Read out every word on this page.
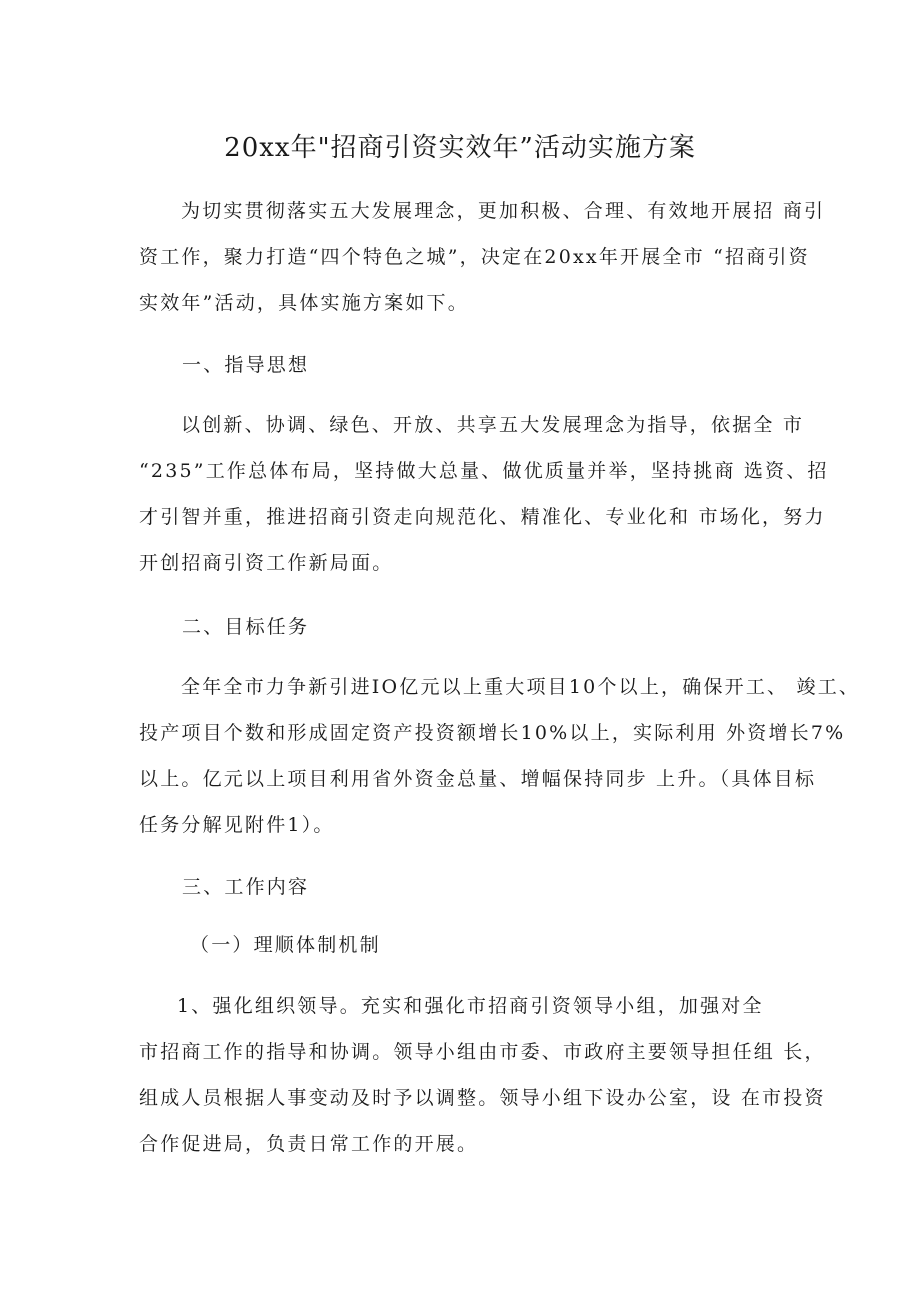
20xx年"招商引资实效年”活动实施方案

为切实贯彻落实五大发展理念，更加积极、合理、有效地开展招 商引
资工作，聚力打造“四个特色之城”，决定在20xx年开展全市 “招商引资
实效年”活动，具体实施方案如下。

一、指导思想

以创新、协调、绿色、开放、共享五大发展理念为指导，依据全 市
“235”工作总体布局，坚持做大总量、做优质量并举，坚持挑商 选资、招
才引智并重，推进招商引资走向规范化、精准化、专业化和 市场化，努力
开创招商引资工作新局面。

二、目标任务

全年全市力争新引进IO亿元以上重大项目10个以上，确保开工、 竣工、
投产项目个数和形成固定资产投资额增长10%以上，实际利用 外资增长7%
以上。亿元以上项目利用省外资金总量、增幅保持同步 上升。（具体目标
任务分解见附件1）。

三、工作内容
（一）理顺体制机制

1、强化组织领导。充实和强化市招商引资领导小组，加强对全
市招商工作的指导和协调。领导小组由市委、市政府主要领导担任组 长，
组成人员根据人事变动及时予以调整。领导小组下设办公室，设 在市投资
合作促进局，负责日常工作的开展。
